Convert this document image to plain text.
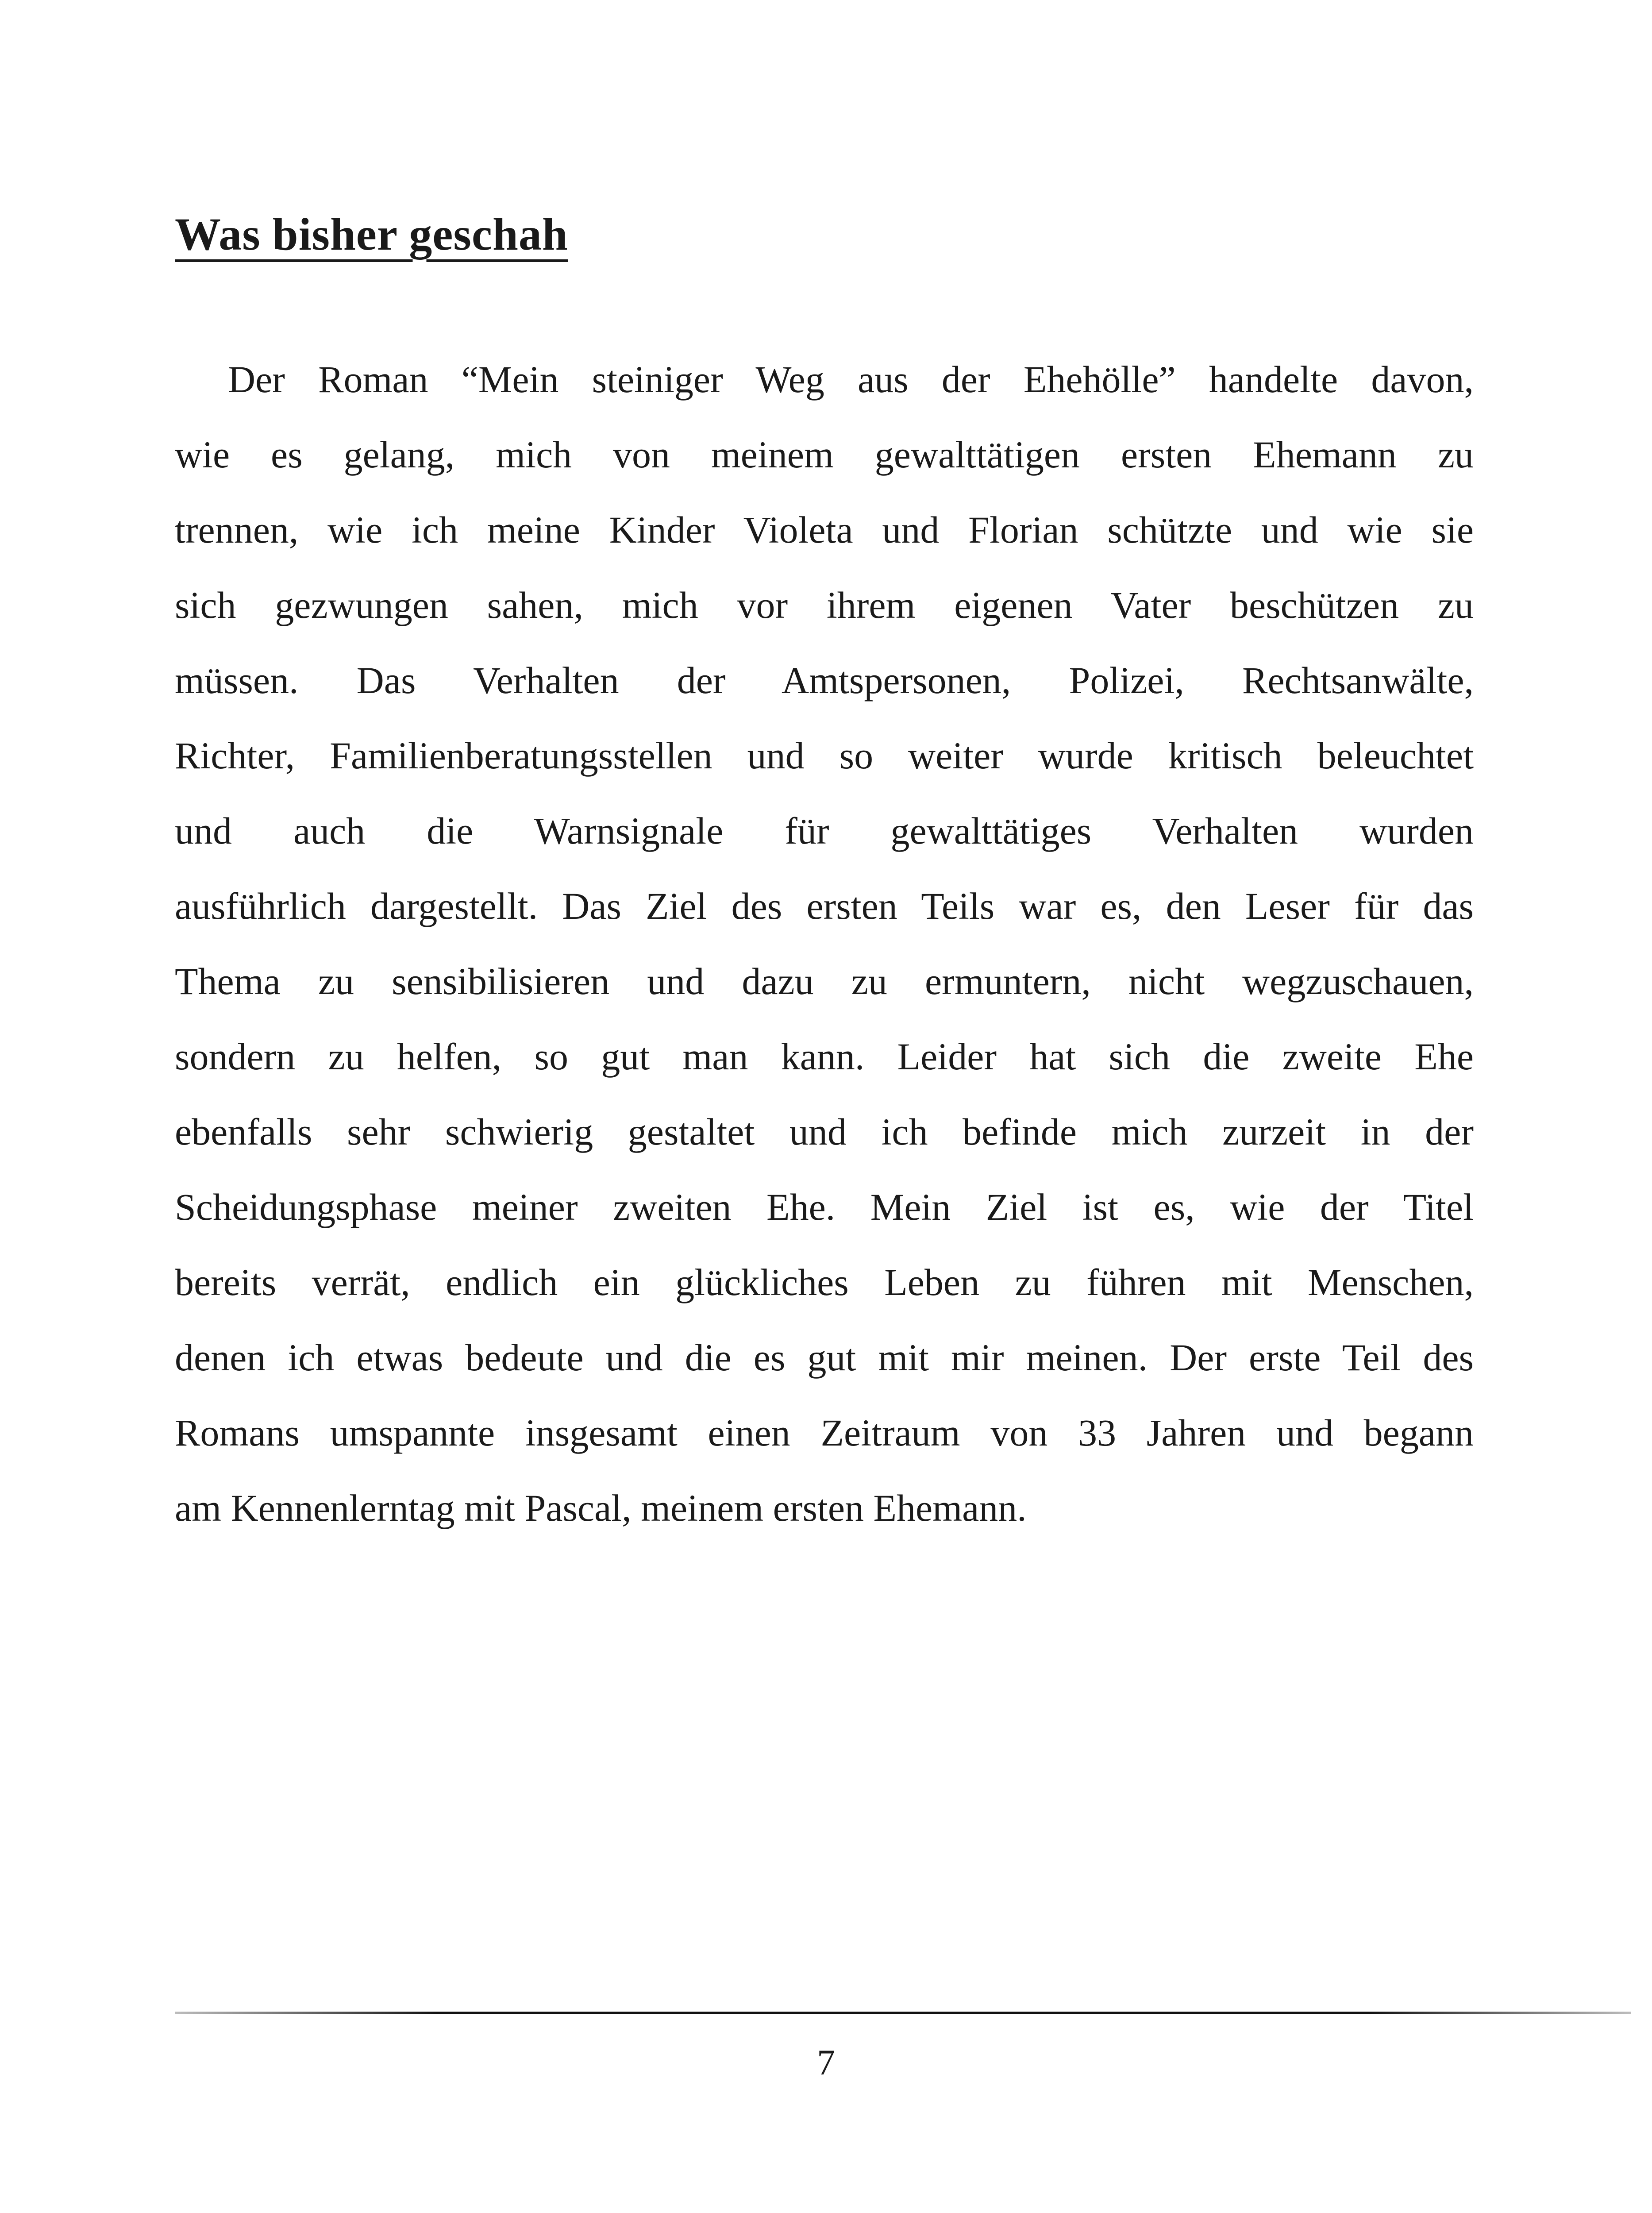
Was bisher geschah
Der Roman “Mein steiniger Weg aus der Ehehölle” handelte davon,
wie es gelang, mich von meinem gewalttätigen ersten Ehemann zu
trennen, wie ich meine Kinder Violeta und Florian schützte und wie sie
sich gezwungen sahen, mich vor ihrem eigenen Vater beschützen zu
müssen. Das Verhalten der Amtspersonen, Polizei, Rechtsanwälte,
Richter, Familienberatungsstellen und so weiter wurde kritisch beleuchtet
und auch die Warnsignale für gewalttätiges Verhalten wurden
ausführlich dargestellt. Das Ziel des ersten Teils war es, den Leser für das
Thema zu sensibilisieren und dazu zu ermuntern, nicht wegzuschauen,
sondern zu helfen, so gut man kann. Leider hat sich die zweite Ehe
ebenfalls sehr schwierig gestaltet und ich befinde mich zurzeit in der
Scheidungsphase meiner zweiten Ehe. Mein Ziel ist es, wie der Titel
bereits verrät, endlich ein glückliches Leben zu führen mit Menschen,
denen ich etwas bedeute und die es gut mit mir meinen. Der erste Teil des
Romans umspannte insgesamt einen Zeitraum von 33 Jahren und begann
am Kennenlerntag mit Pascal, meinem ersten Ehemann.
7
